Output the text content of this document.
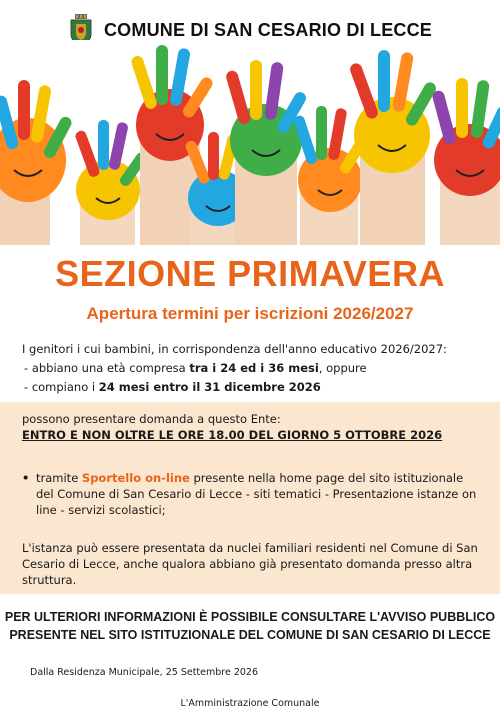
COMUNE DI SAN CESARIO DI LECCE
SEZIONE PRIMAVERA
Apertura termini per iscrizioni 2026/2027

I genitori i cui bambini, in corrispondenza dell'anno educativo 2026/2027:

- abbiano una età compresa tra i 24 ed i 36 mesi, oppure

- compiano i 24 mesi entro il 31 dicembre 2026

possono presentare domanda a questo Ente:
ENTRO E NON OLTRE LE ORE 18.00 DEL GIORNO 5 OTTOBRE 2026
• tramite Sportello on-line presente nella home page del sito istituzionale
del Comune di San Cesario di Lecce - siti tematici - Presentazione istanze on line - servizi scolastici;
L'istanza può essere presentata da nuclei familiari residenti nel Comune di San Cesario di Lecce, anche qualora abbiano già presentato domanda presso altra struttura.
PER ULTERIORI INFORMAZIONI È POSSIBILE CONSULTARE L'AVVISO PUBBLICO
PRESENTE NEL SITO ISTITUZIONALE DEL COMUNE DI SAN CESARIO DI LECCE
Dalla Residenza Municipale, 25 Settembre 2026
L'Amministrazione Comunale
